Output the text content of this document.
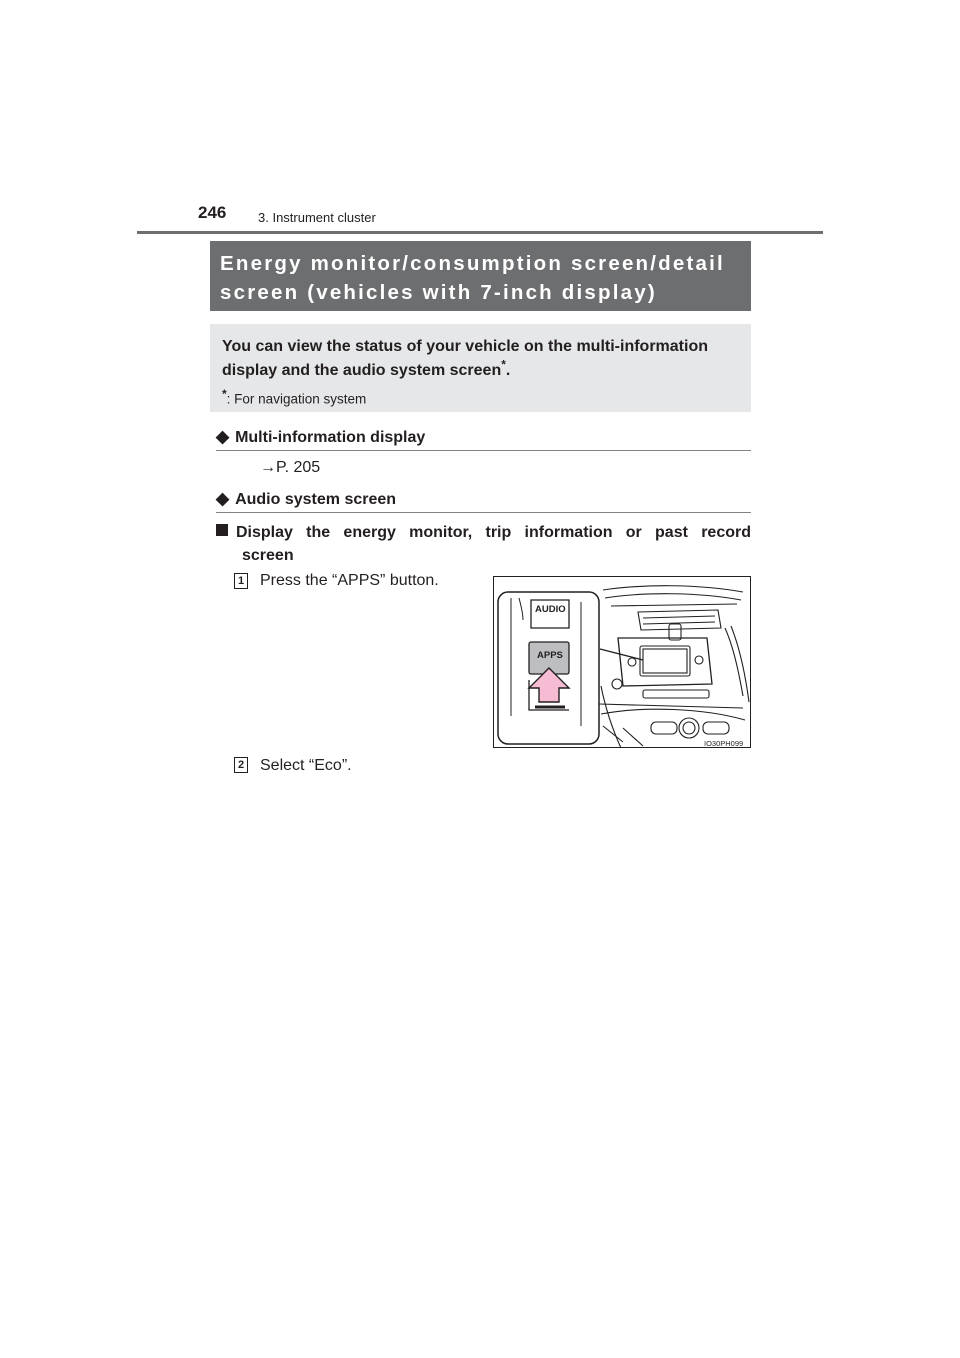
246 3. Instrument cluster
Energy monitor/consumption screen/detail
screen (vehicles with 7-inch display)
You can view the status of your vehicle on the multi-information display and the audio system screen*.
*: For navigation system
◆ Multi-information display
→P. 205
◆ Audio system screen
Display the energy monitor, trip information or past record
screen
1 Press the “APPS” button.
2 Select “Eco”.
AUDIO
APPS
IO30PH099
